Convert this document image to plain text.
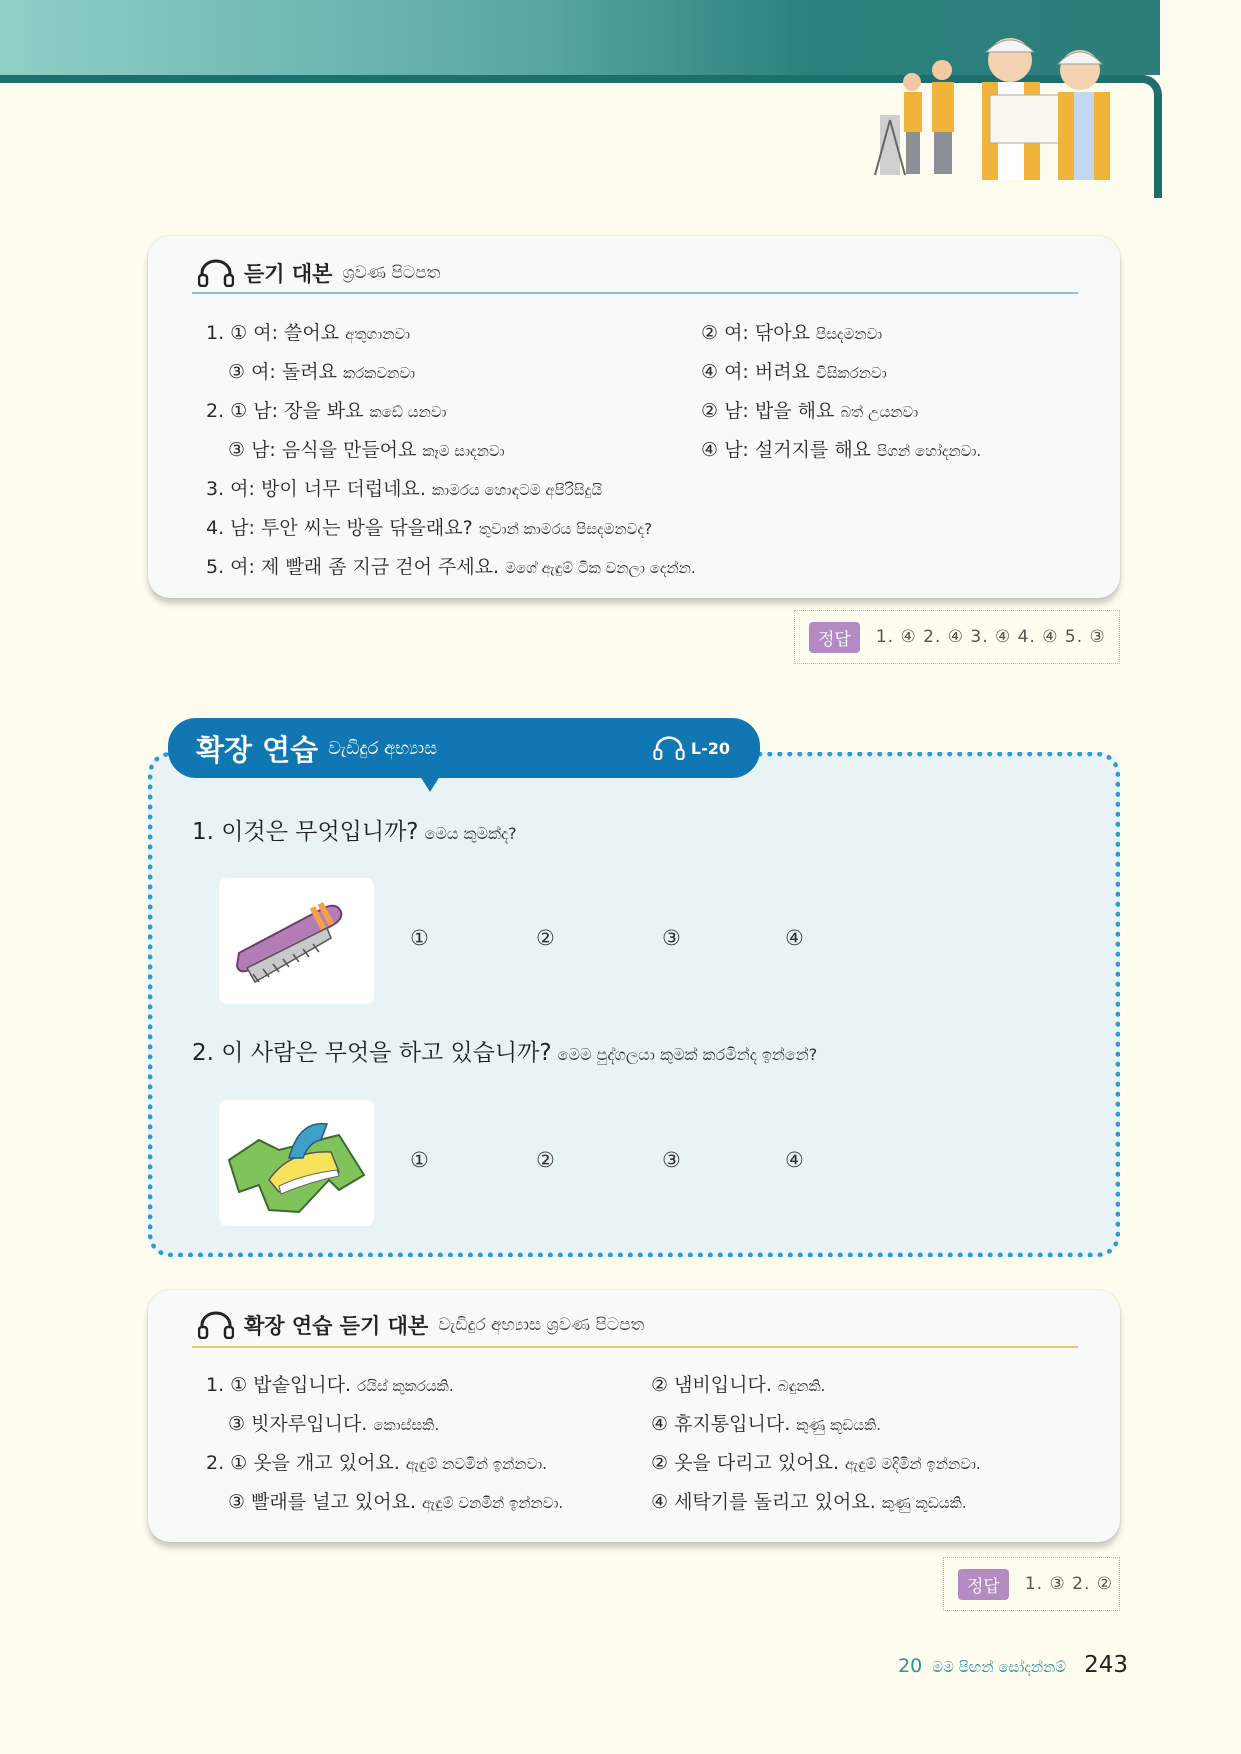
듣기 대본 ශ්‍රවණ පිටපත
1. ① 여: 쓸어요 අතුගානවා	② 여: 닦아요 පිසදමනවා
③ 여: 돌려요 කරකවනවා	④ 여: 버려요 විසිකරනවා
2. ① 남: 장을 봐요 කඩේ යනවා	② 남: 밥을 해요 බත් උයනවා
③ 남: 음식을 만들어요 කෑම සාදනවා	④ 남: 설거지를 해요 පිගන් හෝදනවා.
3. 여: 방이 너무 더럽네요. කාමරය හොඳටම අපිරිසිදුයි
4. 남: 투안 씨는 방을 닦을래요? තුවාන් කාමරය පිසදමනවද?
5. 여: 제 빨래 좀 지금 걷어 주세요. මගේ ඇඳුම් ටික වනලා දෙන්න.
정답	1. ④ 2. ④ 3. ④ 4. ④ 5. ③
확장 연습 වැඩිදුර අභ්‍යාස	L-20
1. 이것은 무엇입니까? මෙය කුමක්ද?
①	②	③	④
2. 이 사람은 무엇을 하고 있습니까? මෙම පුද්ගලයා කුමක් කරමින්ද ඉන්නේ?
①	②	③	④
확장 연습 듣기 대본 වැඩිදුර අභ්‍යාස ශ්‍රවණ පිටපත
1. ① 밥솥입니다. රයිස් කුකරයකි.	② 냄비입니다. බඳුනකි.
③ 빗자루입니다. කොස්සකි.	④ 휴지통입니다. කුණු කූඩයකි.
2. ① 옷을 개고 있어요. ඇඳුම් නවමින් ඉන්නවා.	② 옷을 다리고 있어요. ඇඳුම් මදිමින් ඉන්නවා.
③ 빨래를 널고 있어요. ඇඳුම් වනමින් ඉන්නවා.	④ 세탁기를 돌리고 있어요. කුණු කූඩයකි.
정답	1. ③ 2. ②
20 මම පිඟන් සෝදන්නම් 243
